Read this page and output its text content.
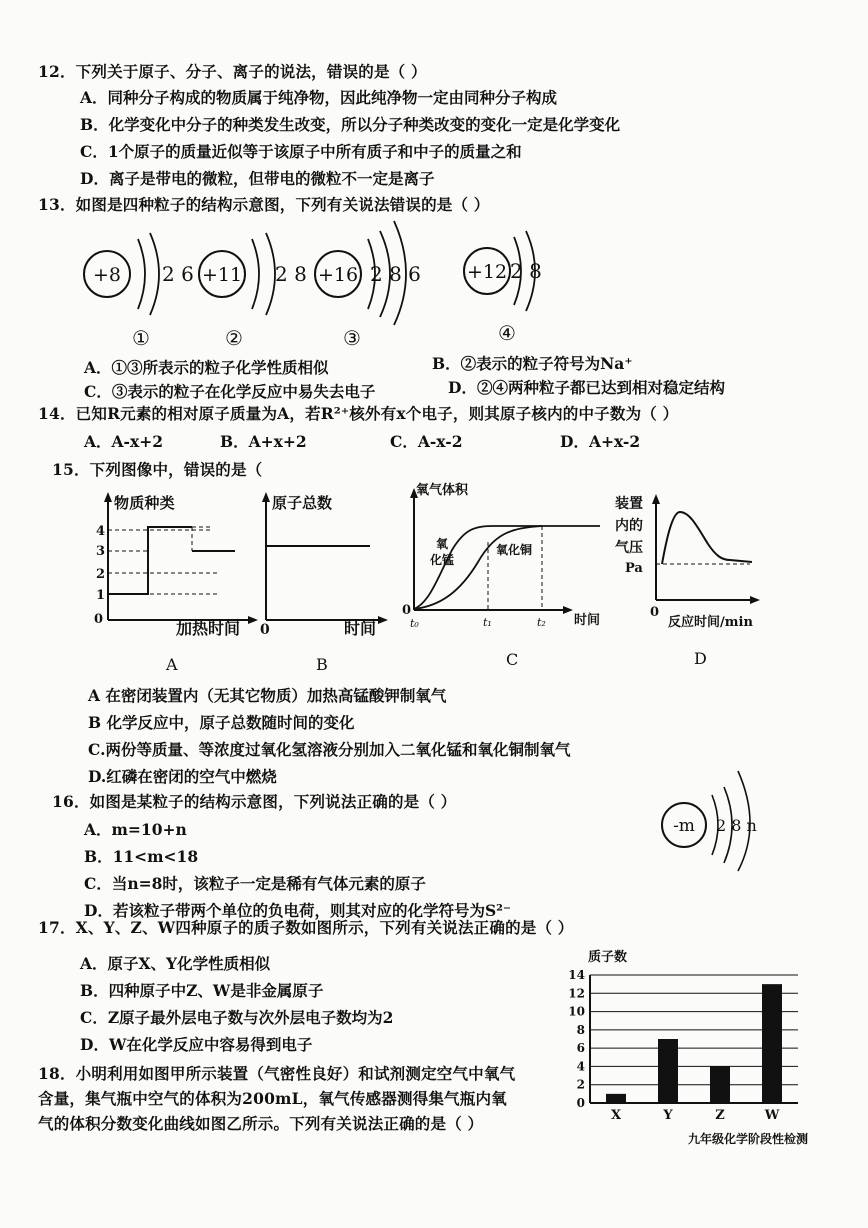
12．下列关于原子、分子、离子的说法，错误的是（ ）
A．同种分子构成的物质属于纯净物，因此纯净物一定由同种分子构成
B．化学变化中分子的种类发生改变，所以分子种类改变的变化一定是化学变化
C．1个原子的质量近似等于该原子中所有质子和中子的质量之和
D．离子是带电的微粒，但带电的微粒不一定是离子
13．如图是四种粒子的结构示意图，下列有关说法错误的是（ ）
+8 2 6
①
+11 2 8
②
+16 2 8 6
③
+12 2 8
④
A．①③所表示的粒子化学性质相似	B．②表示的粒子符号为Na⁺
C．③表示的粒子在化学反应中易失去电子	D．②④两种粒子都已达到相对稳定结构
14．已知R元素的相对原子质量为A，若R²⁺核外有x个电子，则其原子核内的中子数为（ ）
A．A-x+2	B．A+x+2	C．A-x-2	D．A+x-2
15．下列图像中，错误的是（
物质种类
4
3
2
1
0	加热时间
A
原子总数
0	时间
B
氧气体积
氧
化锰
氧化铜
0
t₀	t₁	t₂ 时间
C
装置
内的
气压
Pa
0
反应时间/min
D
A 在密闭装置内（无其它物质）加热高锰酸钾制氧气
B 化学反应中，原子总数随时间的变化
C.两份等质量、等浓度过氧化氢溶液分别加入二氧化锰和氧化铜制氧气
D.红磷在密闭的空气中燃烧
16．如图是某粒子的结构示意图，下列说法正确的是（ ）
A．m=10+n
B．11<m<18
C．当n=8时，该粒子一定是稀有气体元素的原子
D．若该粒子带两个单位的负电荷，则其对应的化学符号为S²⁻
-m 2 8 n
17．X、Y、Z、W四种原子的质子数如图所示，下列有关说法正确的是（ ）
A．原子X、Y化学性质相似
B．四种原子中Z、W是非金属原子
C．Z原子最外层电子数与次外层电子数均为2
D．W在化学反应中容易得到电子
质子数
0
2
4
6
8
10
12
14
X	Y	Z	W
18．小明利用如图甲所示装置（气密性良好）和试剂测定空气中氧气
含量，集气瓶中空气的体积为200mL，氧气传感器测得集气瓶内氧
气的体积分数变化曲线如图乙所示。下列有关说法正确的是（ ）
九年级化学阶段性检测
